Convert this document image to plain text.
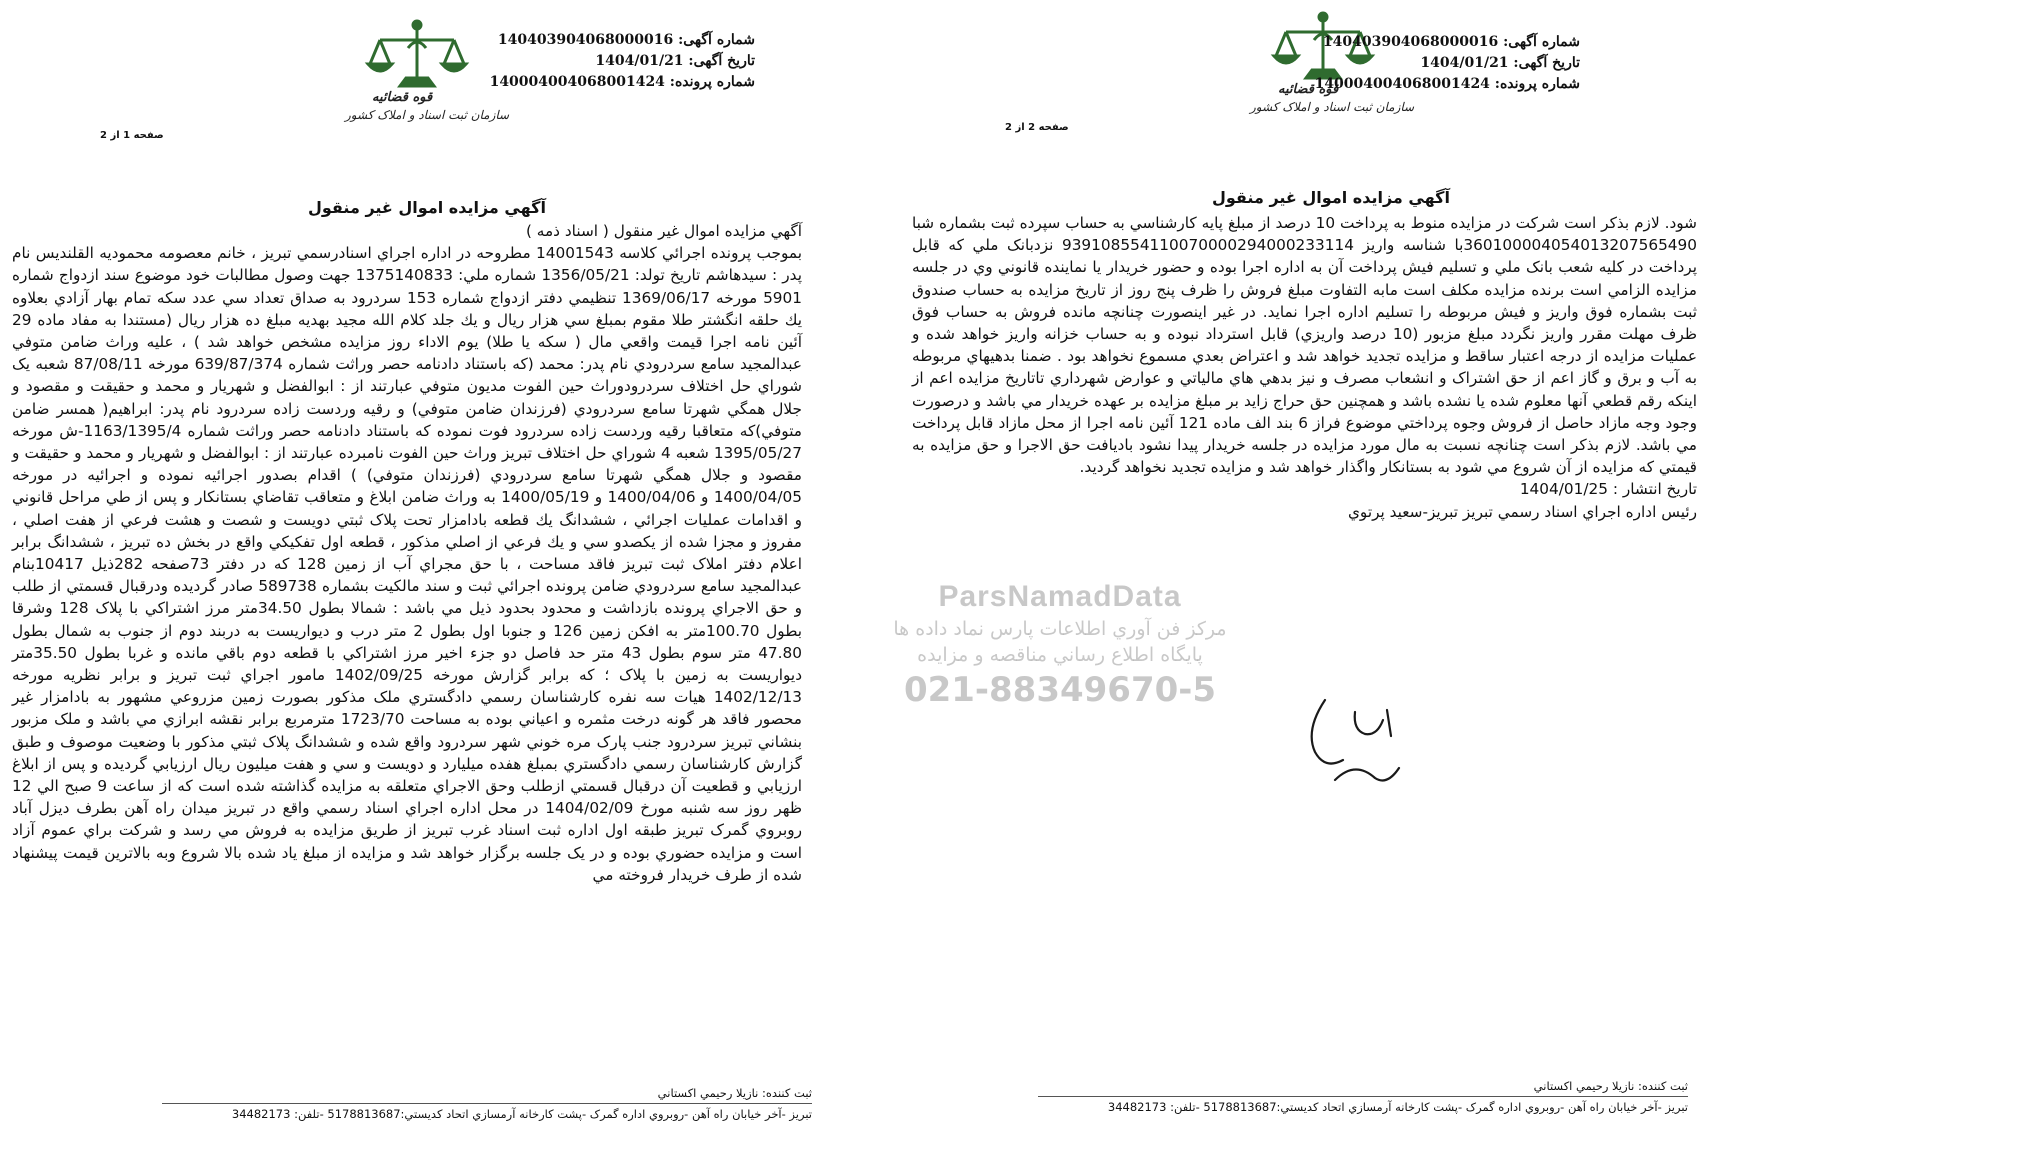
صفحه 1 از 2
قوه قضائیه
سازمان ثبت اسناد و املاک کشور
شماره آگهی: 140403904068000016
تاریخ آگهی: 1404/01/21
شماره پرونده: 140004004068001424
آگهي مزايده اموال غير منقول

آگهي مزايده اموال غير منقول ( اسناد ذمه )

بموجب پرونده اجرائي كلاسه 14001543 مطروحه در اداره اجراي اسنادرسمي تبريز ، خانم معصومه محموديه القلنديس نام پدر : سيدهاشم تاريخ تولد: 1356/05/21 شماره ملي: 1375140833 جهت وصول مطالبات خود موضوع سند ازدواج شماره 5901 مورخه 1369/06/17 تنظيمي دفتر ازدواج شماره 153 سردرود به صداق تعداد سي عدد سكه تمام بهار آزادي بعلاوه يك حلقه انگشتر طلا مقوم بمبلغ سي هزار ريال و يك جلد كلام الله مجيد بهديه مبلغ ده هزار ريال (مستندا به مفاد ماده 29 آئين نامه اجرا قيمت واقعي مال ( سكه يا طلا) يوم الاداء روز مزايده مشخص خواهد شد ) ، عليه وراث ضامن متوفي عبدالمجيد سامع سردرودي نام پدر: محمد (كه باستناد دادنامه حصر وراثت شماره 639/87/374 مورخه 87/08/11 شعبه يک شوراي حل اختلاف سردرودوراث حين الفوت مديون متوفي عبارتند از : ابوالفضل و شهريار و محمد و حقيقت و مقصود و جلال همگي شهرتا سامع سردرودي (فرزندان ضامن متوفي) و رقيه وردست زاده سردرود نام پدر: ابراهيم( همسر ضامن متوفي)كه متعاقبا رقيه وردست زاده سردرود فوت نموده كه باستناد دادنامه حصر وراثت شماره 1163/1395/4-ش مورخه 1395/05/27 شعبه 4 شوراي حل اختلاف تبريز وراث حين الفوت نامبرده عبارتند از : ابوالفضل و شهريار و محمد و حقيقت و مقصود و جلال همگي شهرتا سامع سردرودي (فرزندان متوفي) ) اقدام بصدور اجرائيه نموده و اجرائيه در مورخه 1400/04/05 و 1400/04/06 و 1400/05/19 به وراث ضامن ابلاغ و متعاقب تقاضاي بستانكار و پس از طي مراحل قانوني و اقدامات عمليات اجرائي ، ششدانگ يك قطعه بادامزار تحت پلاک ثبتي دويست و شصت و هشت فرعي از هفت اصلي ، مفروز و مجزا شده از يكصدو سي و يك فرعي از اصلي مذكور ، قطعه اول تفكيكي واقع در بخش ده تبريز ، ششدانگ برابر اعلام دفتر املاک ثبت تبريز فاقد مساحت ، با حق مجراي آب از زمين 128 كه در دفتر 73صفحه 282ذيل 10417بنام عبدالمجيد سامع سردرودي ضامن پرونده اجرائي ثبت و سند مالكيت بشماره 589738 صادر گرديده ودرقبال قسمتي از طلب و حق الاجراي پرونده بازداشت و محدود بحدود ذيل مي باشد : شمالا بطول 34.50متر مرز اشتراكي با پلاک 128 وشرقا بطول 100.70متر به افكن زمين 126 و جنوبا اول بطول 2 متر درب و ديواريست به دربند دوم از جنوب به شمال بطول 47.80 متر سوم بطول 43 متر حد فاصل دو جزء اخير مرز اشتراكي با قطعه دوم باقي مانده و غربا بطول 35.50متر ديواريست به زمين با پلاک ؛ كه برابر گزارش مورخه 1402/09/25 مامور اجراي ثبت تبريز و برابر نظريه مورخه 1402/12/13 هيات سه نفره كارشناسان رسمي دادگستري ملک مذكور بصورت زمين مزروعي مشهور به بادامزار غير محصور فاقد هر گونه درخت مثمره و اعياني بوده به مساحت 1723/70 مترمربع برابر نقشه ابرازي مي باشد و ملک مزبور بنشاني تبريز سردرود جنب پارک مره خوني شهر سردرود واقع شده و ششدانگ پلاک ثبتي مذكور با وضعيت موصوف و طبق گزارش كارشناسان رسمي دادگستري بمبلغ هفده ميليارد و دويست و سي و هفت ميليون ريال ارزيابي گرديده و پس از ابلاغ ارزيابي و قطعيت آن درقبال قسمتي ازطلب وحق الاجراي متعلقه به مزايده گذاشته شده است كه از ساعت 9 صبح الي 12 ظهر روز سه شنبه مورخ 1404/02/09 در محل اداره اجراي اسناد رسمي واقع در تبريز ميدان راه آهن بطرف ديزل آباد روبروي گمرک تبريز طبقه اول اداره ثبت اسناد غرب تبريز از طريق مزايده به فروش مي رسد و شركت براي عموم آزاد است و مزايده حضوري بوده و در يک جلسه برگزار خواهد شد و مزايده از مبلغ ياد شده بالا شروع وبه بالاترين قيمت پيشنهاد شده از طرف خريدار فروخته مي

ثبت كننده: نازيلا رحيمي اكستاني
تبريز -آخر خيابان راه آهن -روبروي اداره گمرک -پشت كارخانه آرمسازي اتحاد كديستي:5178813687 -تلفن: 34482173
صفحه 2 از 2
قوه قضائیه
سازمان ثبت اسناد و املاک کشور
شماره آگهی: 140403904068000016
تاریخ آگهی: 1404/01/21
شماره پرونده: 140004004068001424
آگهي مزايده اموال غير منقول

شود. لازم بذكر است شركت در مزايده منوط به پرداخت 10 درصد از مبلغ پايه كارشناسي به حساب سپرده ثبت بشماره شبا 360100004054013207565490با شناسه واريز 939108554110070000294000233114 نزدبانک ملي كه قابل پرداخت در كليه شعب بانک ملي و تسليم فيش پرداخت آن به اداره اجرا بوده و حضور خريدار يا نماينده قانوني وي در جلسه مزايده الزامي است برنده مزايده مكلف است مابه التفاوت مبلغ فروش را ظرف پنج روز از تاريخ مزايده به حساب صندوق ثبت بشماره فوق واريز و فيش مربوطه را تسليم اداره اجرا نمايد. در غير اينصورت چنانچه مانده فروش به حساب فوق ظرف مهلت مقرر واريز نگردد مبلغ مزبور (10 درصد واريزي) قابل استرداد نبوده و به حساب خزانه واريز خواهد شده و عمليات مزايده از درجه اعتبار ساقط و مزايده تجديد خواهد شد و اعتراض بعدي مسموع نخواهد بود . ضمنا بدهيهاي مربوطه به آب و برق و گاز اعم از حق اشتراک و انشعاب مصرف و نيز بدهي هاي مالياتي و عوارض شهرداري تاتاريخ مزايده اعم از اينكه رقم قطعي آنها معلوم شده يا نشده باشد و همچنين حق حراج زايد بر مبلغ مزايده بر عهده خريدار مي باشد و درصورت وجود وجه مازاد حاصل از فروش وجوه پرداختي موضوع فراز 6 بند الف ماده 121 آئين نامه اجرا از محل مازاد قابل پرداخت مي باشد. لازم بذكر است چنانچه نسبت به مال مورد مزايده در جلسه خريدار پيدا نشود باديافت حق الاجرا و حق مزايده به قيمتي كه مزايده از آن شروع مي شود به بستانكار واگذار خواهد شد و مزايده تجديد نخواهد گرديد.

تاريخ انتشار : 1404/01/25

رئيس اداره اجراي اسناد رسمي تبريز تبريز-سعيد پرتوي

ثبت كننده: نازيلا رحيمي اكستاني
تبريز -آخر خيابان راه آهن -روبروي اداره گمرک -پشت كارخانه آرمسازي اتحاد كديستي:5178813687 -تلفن: 34482173
ParsNamadData
مركز فن آوري اطلاعات پارس نماد داده ها
پايگاه اطلاع رساني مناقصه و مزايده
021-88349670-5
